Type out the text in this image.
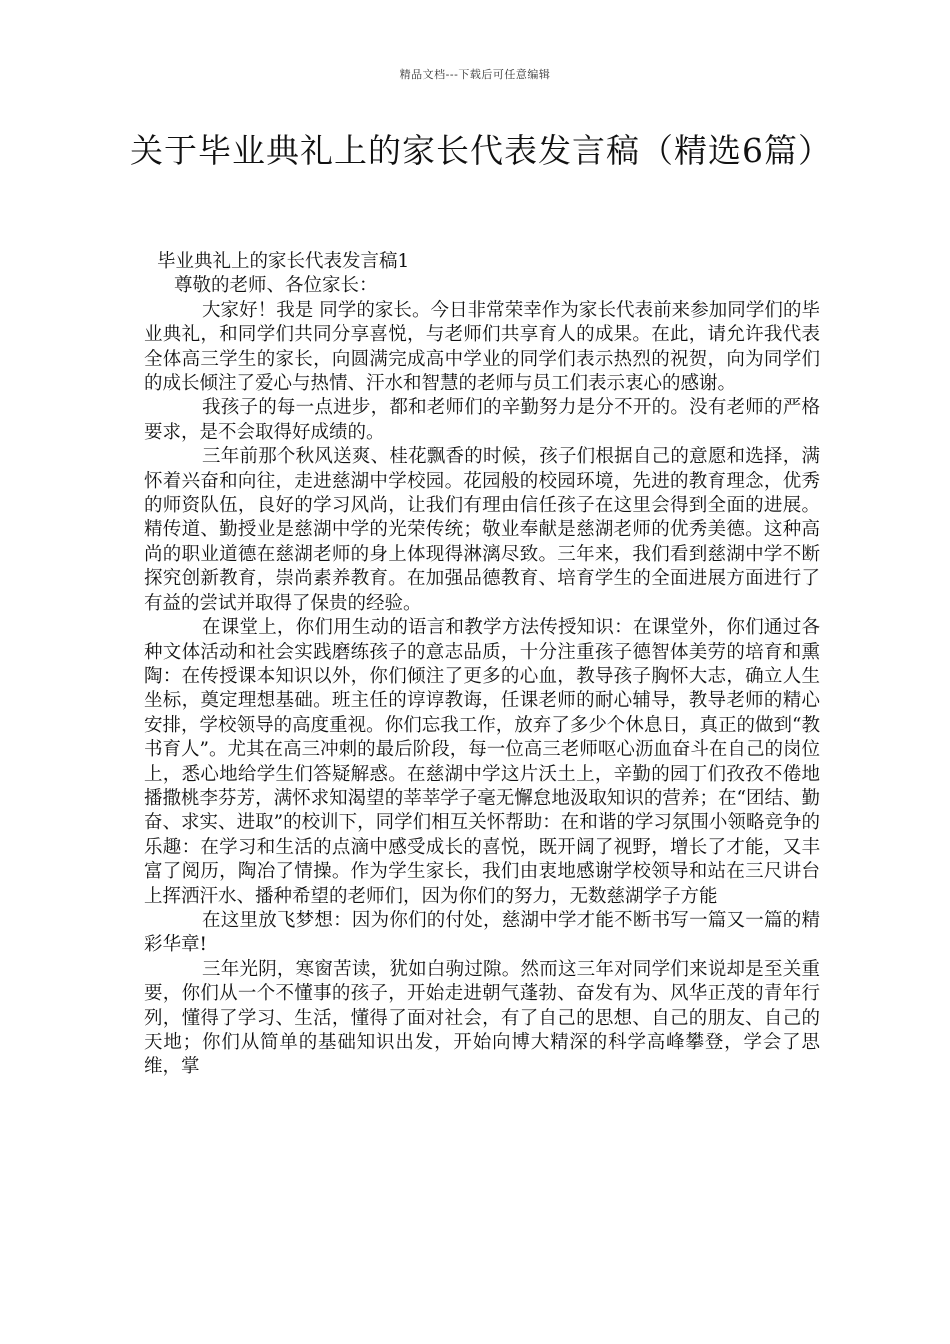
精品文档---下载后可任意编辑
关于毕业典礼上的家长代表发言稿（精选6篇）

毕业典礼上的家长代表发言稿1

尊敬的老师、各位家长：

大家好！我是 同学的家长。今日非常荣幸作为家长代表前来参加同学们的毕业典礼，和同学们共同分享喜悦，与老师们共享育人的成果。在此，请允许我代表全体高三学生的家长，向圆满完成高中学业的同学们表示热烈的祝贺，向为同学们的成长倾注了爱心与热情、汗水和智慧的老师与员工们表示衷心的感谢。

我孩子的每一点进步，都和老师们的辛勤努力是分不开的。没有老师的严格要求，是不会取得好成绩的。

三年前那个秋风送爽、桂花飘香的时候，孩子们根据自己的意愿和选择，满怀着兴奋和向往，走进慈湖中学校园。花园般的校园环境，先进的教育理念，优秀的师资队伍，良好的学习风尚，让我们有理由信任孩子在这里会得到全面的进展。精传道、勤授业是慈湖中学的光荣传统；敬业奉献是慈湖老师的优秀美德。这种高尚的职业道德在慈湖老师的身上体现得淋漓尽致。三年来，我们看到慈湖中学不断探究创新教育，崇尚素养教育。在加强品德教育、培育学生的全面进展方面进行了有益的尝试并取得了保贵的经验。

在课堂上，你们用生动的语言和教学方法传授知识：在课堂外，你们通过各种文体活动和社会实践磨练孩子的意志品质，十分注重孩子德智体美劳的培育和熏陶：在传授课本知识以外，你们倾注了更多的心血，教导孩子胸怀大志，确立人生坐标，奠定理想基础。班主任的谆谆教诲，任课老师的耐心辅导，教导老师的精心安排，学校领导的高度重视。你们忘我工作，放弃了多少个休息日，真正的做到“教书育人”。尤其在高三冲刺的最后阶段，每一位高三老师呕心沥血奋斗在自己的岗位上，悉心地给学生们答疑解惑。在慈湖中学这片沃土上，辛勤的园丁们孜孜不倦地播撒桃李芬芳，满怀求知渴望的莘莘学子毫无懈怠地汲取知识的营养；在“团结、勤奋、求实、进取”的校训下，同学们相互关怀帮助：在和谐的学习氛围小领略竞争的乐趣：在学习和生活的点滴中感受成长的喜悦，既开阔了视野，增长了才能，又丰富了阅历，陶冶了情操。作为学生家长，我们由衷地感谢学校领导和站在三尺讲台上挥洒汗水、播种希望的老师们，因为你们的努力，无数慈湖学子方能

在这里放飞梦想：因为你们的付处，慈湖中学才能不断书写一篇又一篇的精彩华章!

三年光阴，寒窗苦读，犹如白驹过隙。然而这三年对同学们来说却是至关重要，你们从一个不懂事的孩子，开始走进朝气蓬勃、奋发有为、风华正茂的青年行列，懂得了学习、生活，懂得了面对社会，有了自己的思想、自己的朋友、自己的天地；你们从简单的基础知识出发，开始向博大精深的科学高峰攀登，学会了思维，掌
